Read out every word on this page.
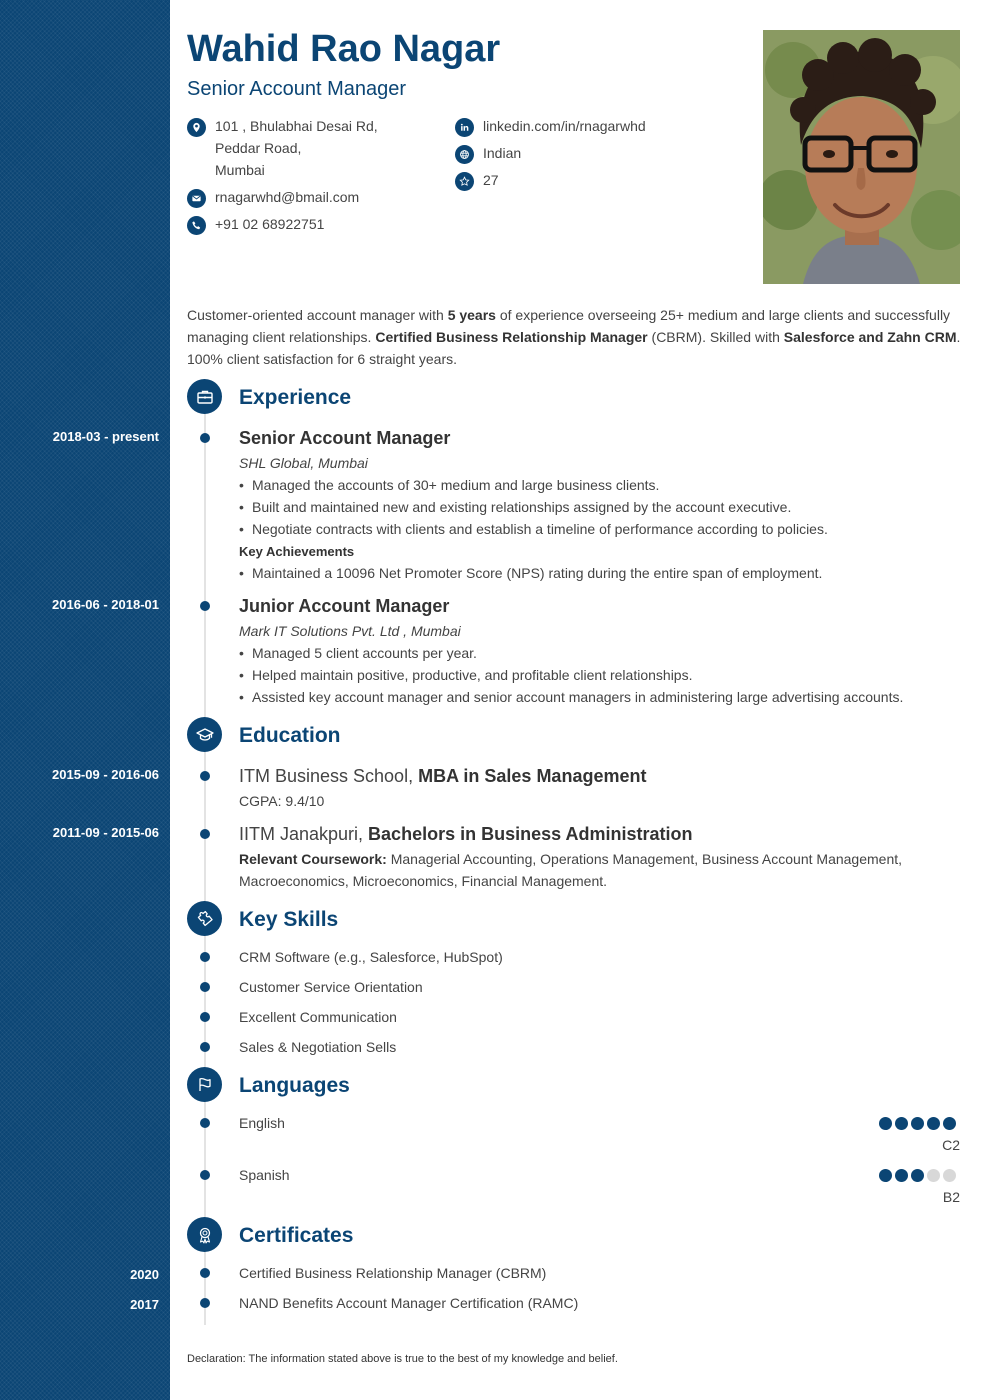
2018-03 - present
2016-06 - 2018-01
2015-09 - 2016-06
2011-09 - 2015-06
2020
2017
Wahid Rao Nagar
Senior Account Manager
101 , Bhulabhai Desai Rd,
Peddar Road,
Mumbai
rnagarwhd@bmail.com
+91 02 68922751
linkedin.com/in/rnagarwhd
Indian
27

Customer-oriented account manager with 5 years of experience overseeing 25+ medium and large clients and successfully managing client relationships. Certified Business Relationship Manager (CBRM). Skilled with Salesforce and Zahn CRM. 100% client satisfaction for 6 straight years.

Experience
Senior Account Manager
SHL Global, Mumbai
• Managed the accounts of 30+ medium and large business clients.
• Built and maintained new and existing relationships assigned by the account executive.
• Negotiate contracts with clients and establish a timeline of performance according to policies.
Key Achievements
• Maintained a 10096 Net Promoter Score (NPS) rating during the entire span of employment.
Junior Account Manager
Mark IT Solutions Pvt. Ltd , Mumbai
• Managed 5 client accounts per year.
• Helped maintain positive, productive, and profitable client relationships.
• Assisted key account manager and senior account managers in administering large advertising accounts.
Education
ITM Business School, MBA in Sales Management
CGPA: 9.4/10
IITM Janakpuri, Bachelors in Business Administration
Relevant Coursework: Managerial Accounting, Operations Management, Business Account Management, Macroeconomics, Microeconomics, Financial Management.
Key Skills
CRM Software (e.g., Salesforce, HubSpot)
Customer Service Orientation
Excellent Communication
Sales & Negotiation Sells
Languages
English
C2
Spanish
B2
Certificates
Certified Business Relationship Manager (CBRM)
NAND Benefits Account Manager Certification (RAMC)
Declaration: The information stated above is true to the best of my knowledge and belief.
